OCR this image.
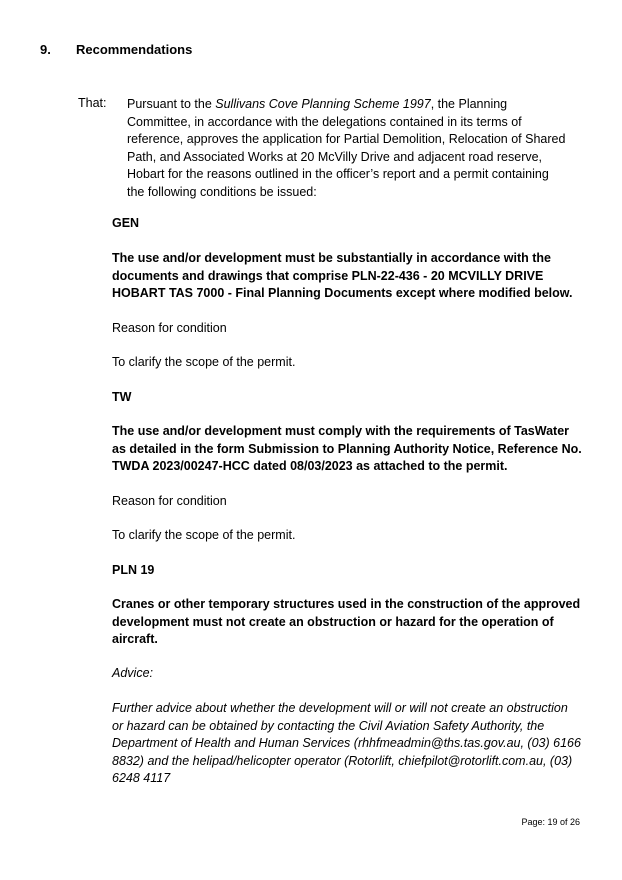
9. Recommendations
That: Pursuant to the Sullivans Cove Planning Scheme 1997, the Planning Committee, in accordance with the delegations contained in its terms of reference, approves the application for Partial Demolition, Relocation of Shared Path, and Associated Works at 20 McVilly Drive and adjacent road reserve, Hobart for the reasons outlined in the officer’s report and a permit containing the following conditions be issued:
GEN
The use and/or development must be substantially in accordance with the documents and drawings that comprise PLN-22-436 - 20 MCVILLY DRIVE HOBART TAS 7000 - Final Planning Documents except where modified below.
Reason for condition
To clarify the scope of the permit.
TW
The use and/or development must comply with the requirements of TasWater as detailed in the form Submission to Planning Authority Notice, Reference No. TWDA 2023/00247-HCC dated 08/03/2023 as attached to the permit.
Reason for condition
To clarify the scope of the permit.
PLN 19
Cranes or other temporary structures used in the construction of the approved development must not create an obstruction or hazard for the operation of aircraft.
Advice:
Further advice about whether the development will or will not create an obstruction or hazard can be obtained by contacting the Civil Aviation Safety Authority, the Department of Health and Human Services (rhhfmeadmin@ths.tas.gov.au, (03) 6166 8832) and the helipad/helicopter operator (Rotorlift, chiefpilot@rotorlift.com.au, (03) 6248 4117
Page: 19 of 26
